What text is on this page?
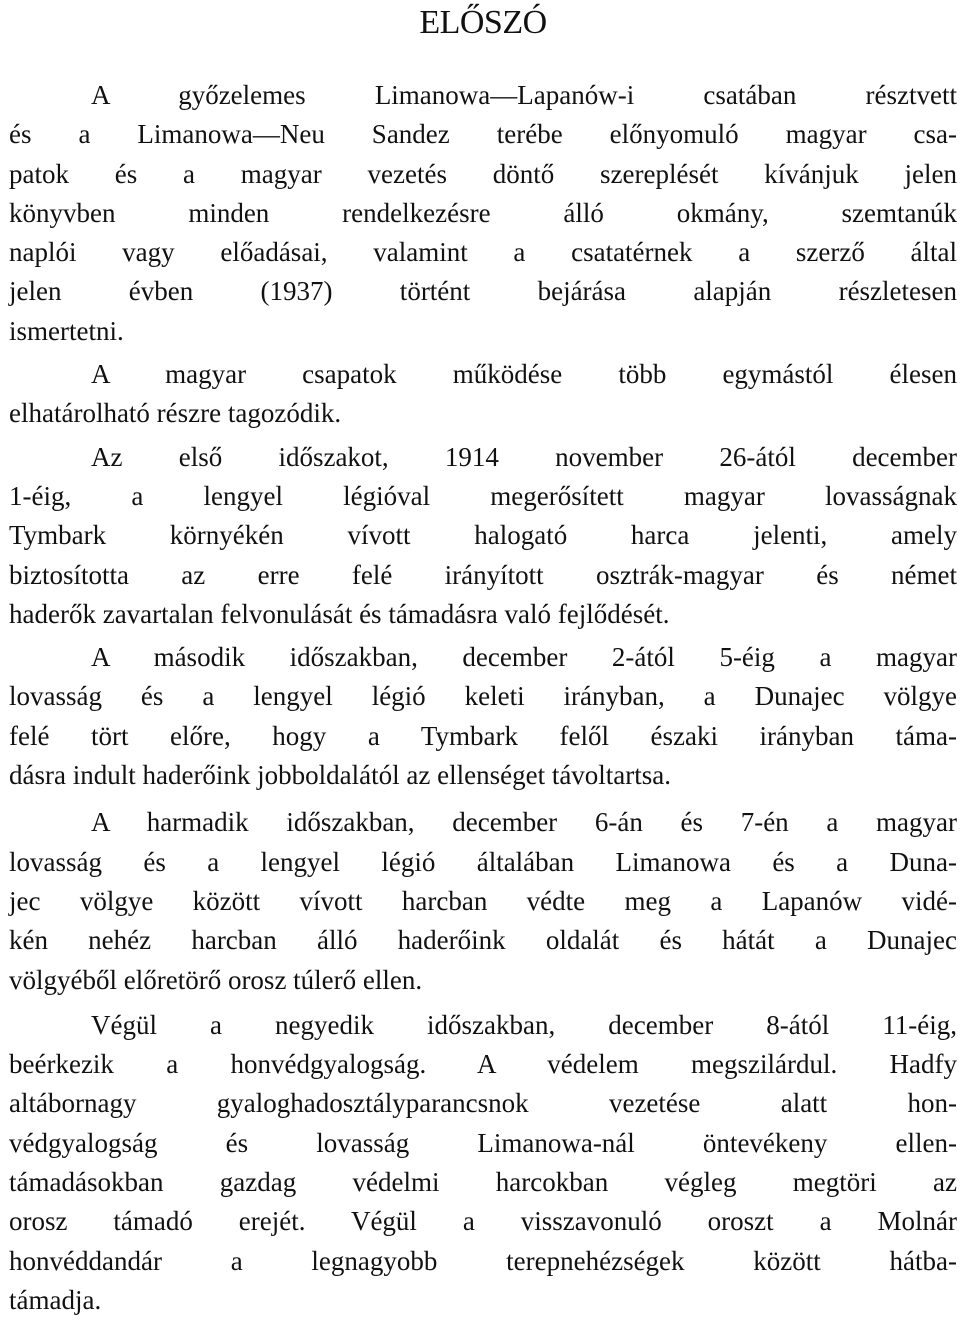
ELŐSZÓ
A győzelemes Limanowa—Lapanów-i csatában résztvett
és a Limanowa—Neu Sandez terébe előnyomuló magyar csa-
patok és a magyar vezetés döntő szereplését kívánjuk jelen
könyvben minden rendelkezésre álló okmány, szemtanúk
naplói vagy előadásai, valamint a csatatérnek a szerző által
jelen évben (1937) történt bejárása alapján részletesen
ismertetni.
A magyar csapatok működése több egymástól élesen
elhatárolható részre tagozódik.
Az első időszakot, 1914 november 26-ától december
1-éig, a lengyel légióval megerősített magyar lovasságnak
Tymbark környékén vívott halogató harca jelenti, amely
biztosította az erre felé irányított osztrák-magyar és német
haderők zavartalan felvonulását és támadásra való fejlődését.
A második időszakban, december 2-ától 5-éig a magyar
lovasság és a lengyel légió keleti irányban, a Dunajec völgye
felé tört előre, hogy a Tymbark felől északi irányban táma-
dásra indult haderőink jobboldalától az ellenséget távoltartsa.
A harmadik időszakban, december 6-án és 7-én a magyar
lovasság és a lengyel légió általában Limanowa és a Duna-
jec völgye között vívott harcban védte meg a Lapanów vidé-
kén nehéz harcban álló haderőink oldalát és hátát a Dunajec
völgyéből előretörő orosz túlerő ellen.
Végül a negyedik időszakban, december 8-ától 11-éig,
beérkezik a honvédgyalogság. A védelem megszilárdul. Hadfy
altábornagy gyaloghadosztályparancsnok vezetése alatt hon-
védgyalogság és lovasság Limanowa-nál öntevékeny ellen-
támadásokban gazdag védelmi harcokban végleg megtöri az
orosz támadó erejét. Végül a visszavonuló oroszt a Molnár
honvéddandár a legnagyobb terepnehézségek között hátba-
támadja.
